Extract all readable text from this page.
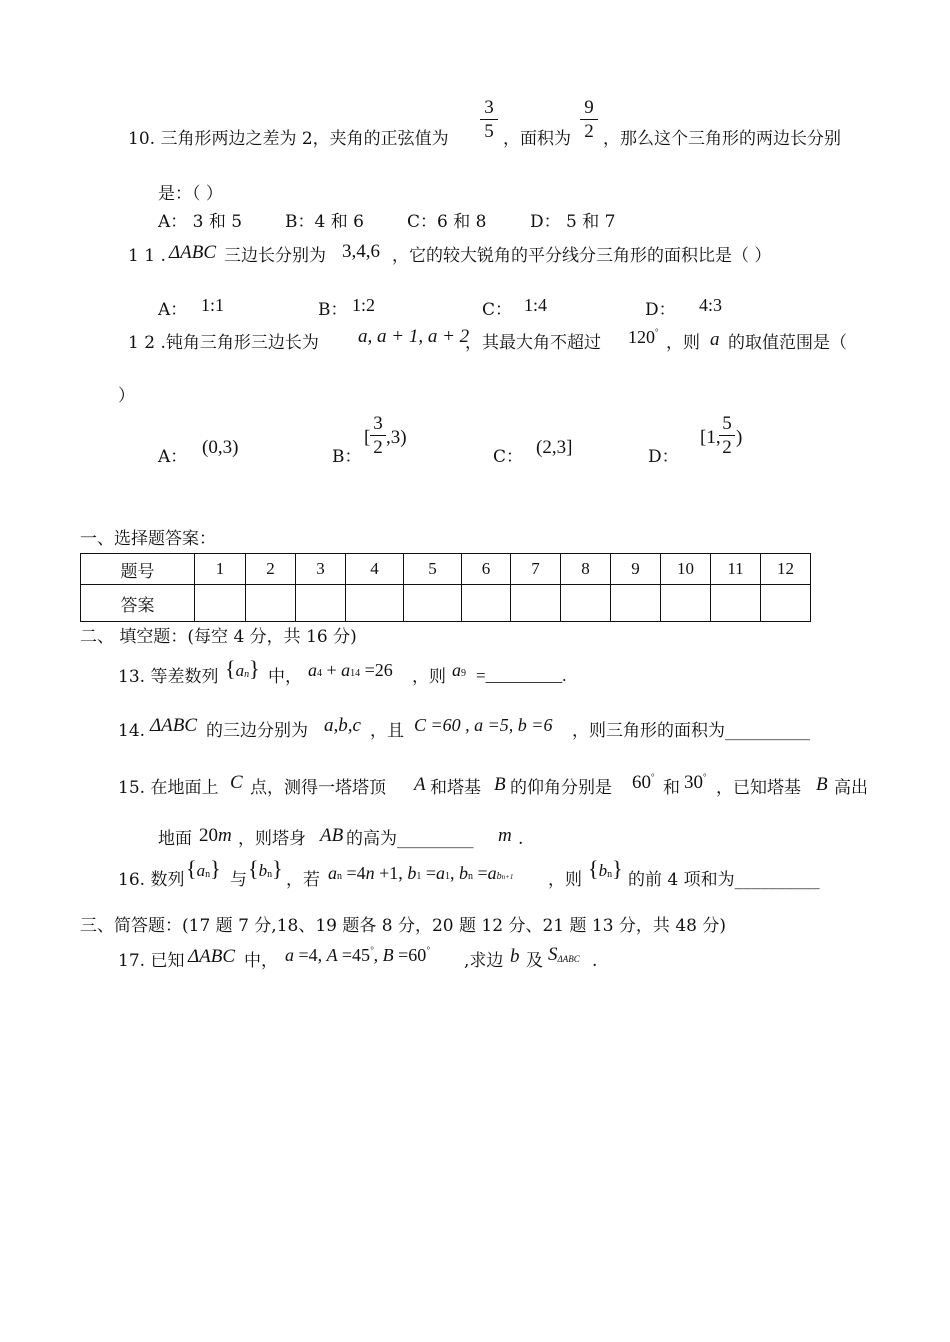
10. 三角形两边之差为 2，夹角的正弦值为
3
5 ，面积为
9
2 ，那么这个三角形的两边长分别
是：（ ）
A： 3 和 5	B：4 和 6	C：6 和 8	D： 5 和 7
1 1 . ΔABC 三边长分别为 3,4,6 ，它的较大锐角的平分线分三角形的面积比是（ ）
A： 1:1	B： 1:2	C： 1:4	D： 4:3
1 2 .钝角三角形三边长为 a, a + 1, a + 2
，其最大角不超过 120°
，则 a 的取值范围是（
）
A： (0,3)	B：
[
3
2 ,3)
C： (2,3]	D：
[1,
5
2 )
一、选择题答案：
题号	1	2	3	4	5	6	7	8	9	10	11	12
答案												
二、 填空题：(每空 4 分，共 16 分)
13. 等差数列 {an} 中， a4 + a14 =26 ，则 a9 =_________.
14. ΔABC 的三边分别为 a,b,c ，且 C =60 , a =5, b =6 ，则三角形的面积为__________
15. 在地面上 C 点，测得一塔塔顶 A 和塔基 B 的仰角分别是 60°
和 30°
，已知塔基 B 高出
地面 20m ，则塔身 AB 的高为_________ m .
16. 数列 {an} 与 {bn} ，若 an =4n +1, b1 =a1, bn =abn+1 ，则 {bn} 的前 4 项和为__________
三、简答题：(17 题 7 分,18、19 题各 8 分，20 题 12 分、21 题 13 分，共 48 分)
17. 已知 ΔABC 中， a =4, A =45°, B =60°
,求边 b 及 SΔABC .
